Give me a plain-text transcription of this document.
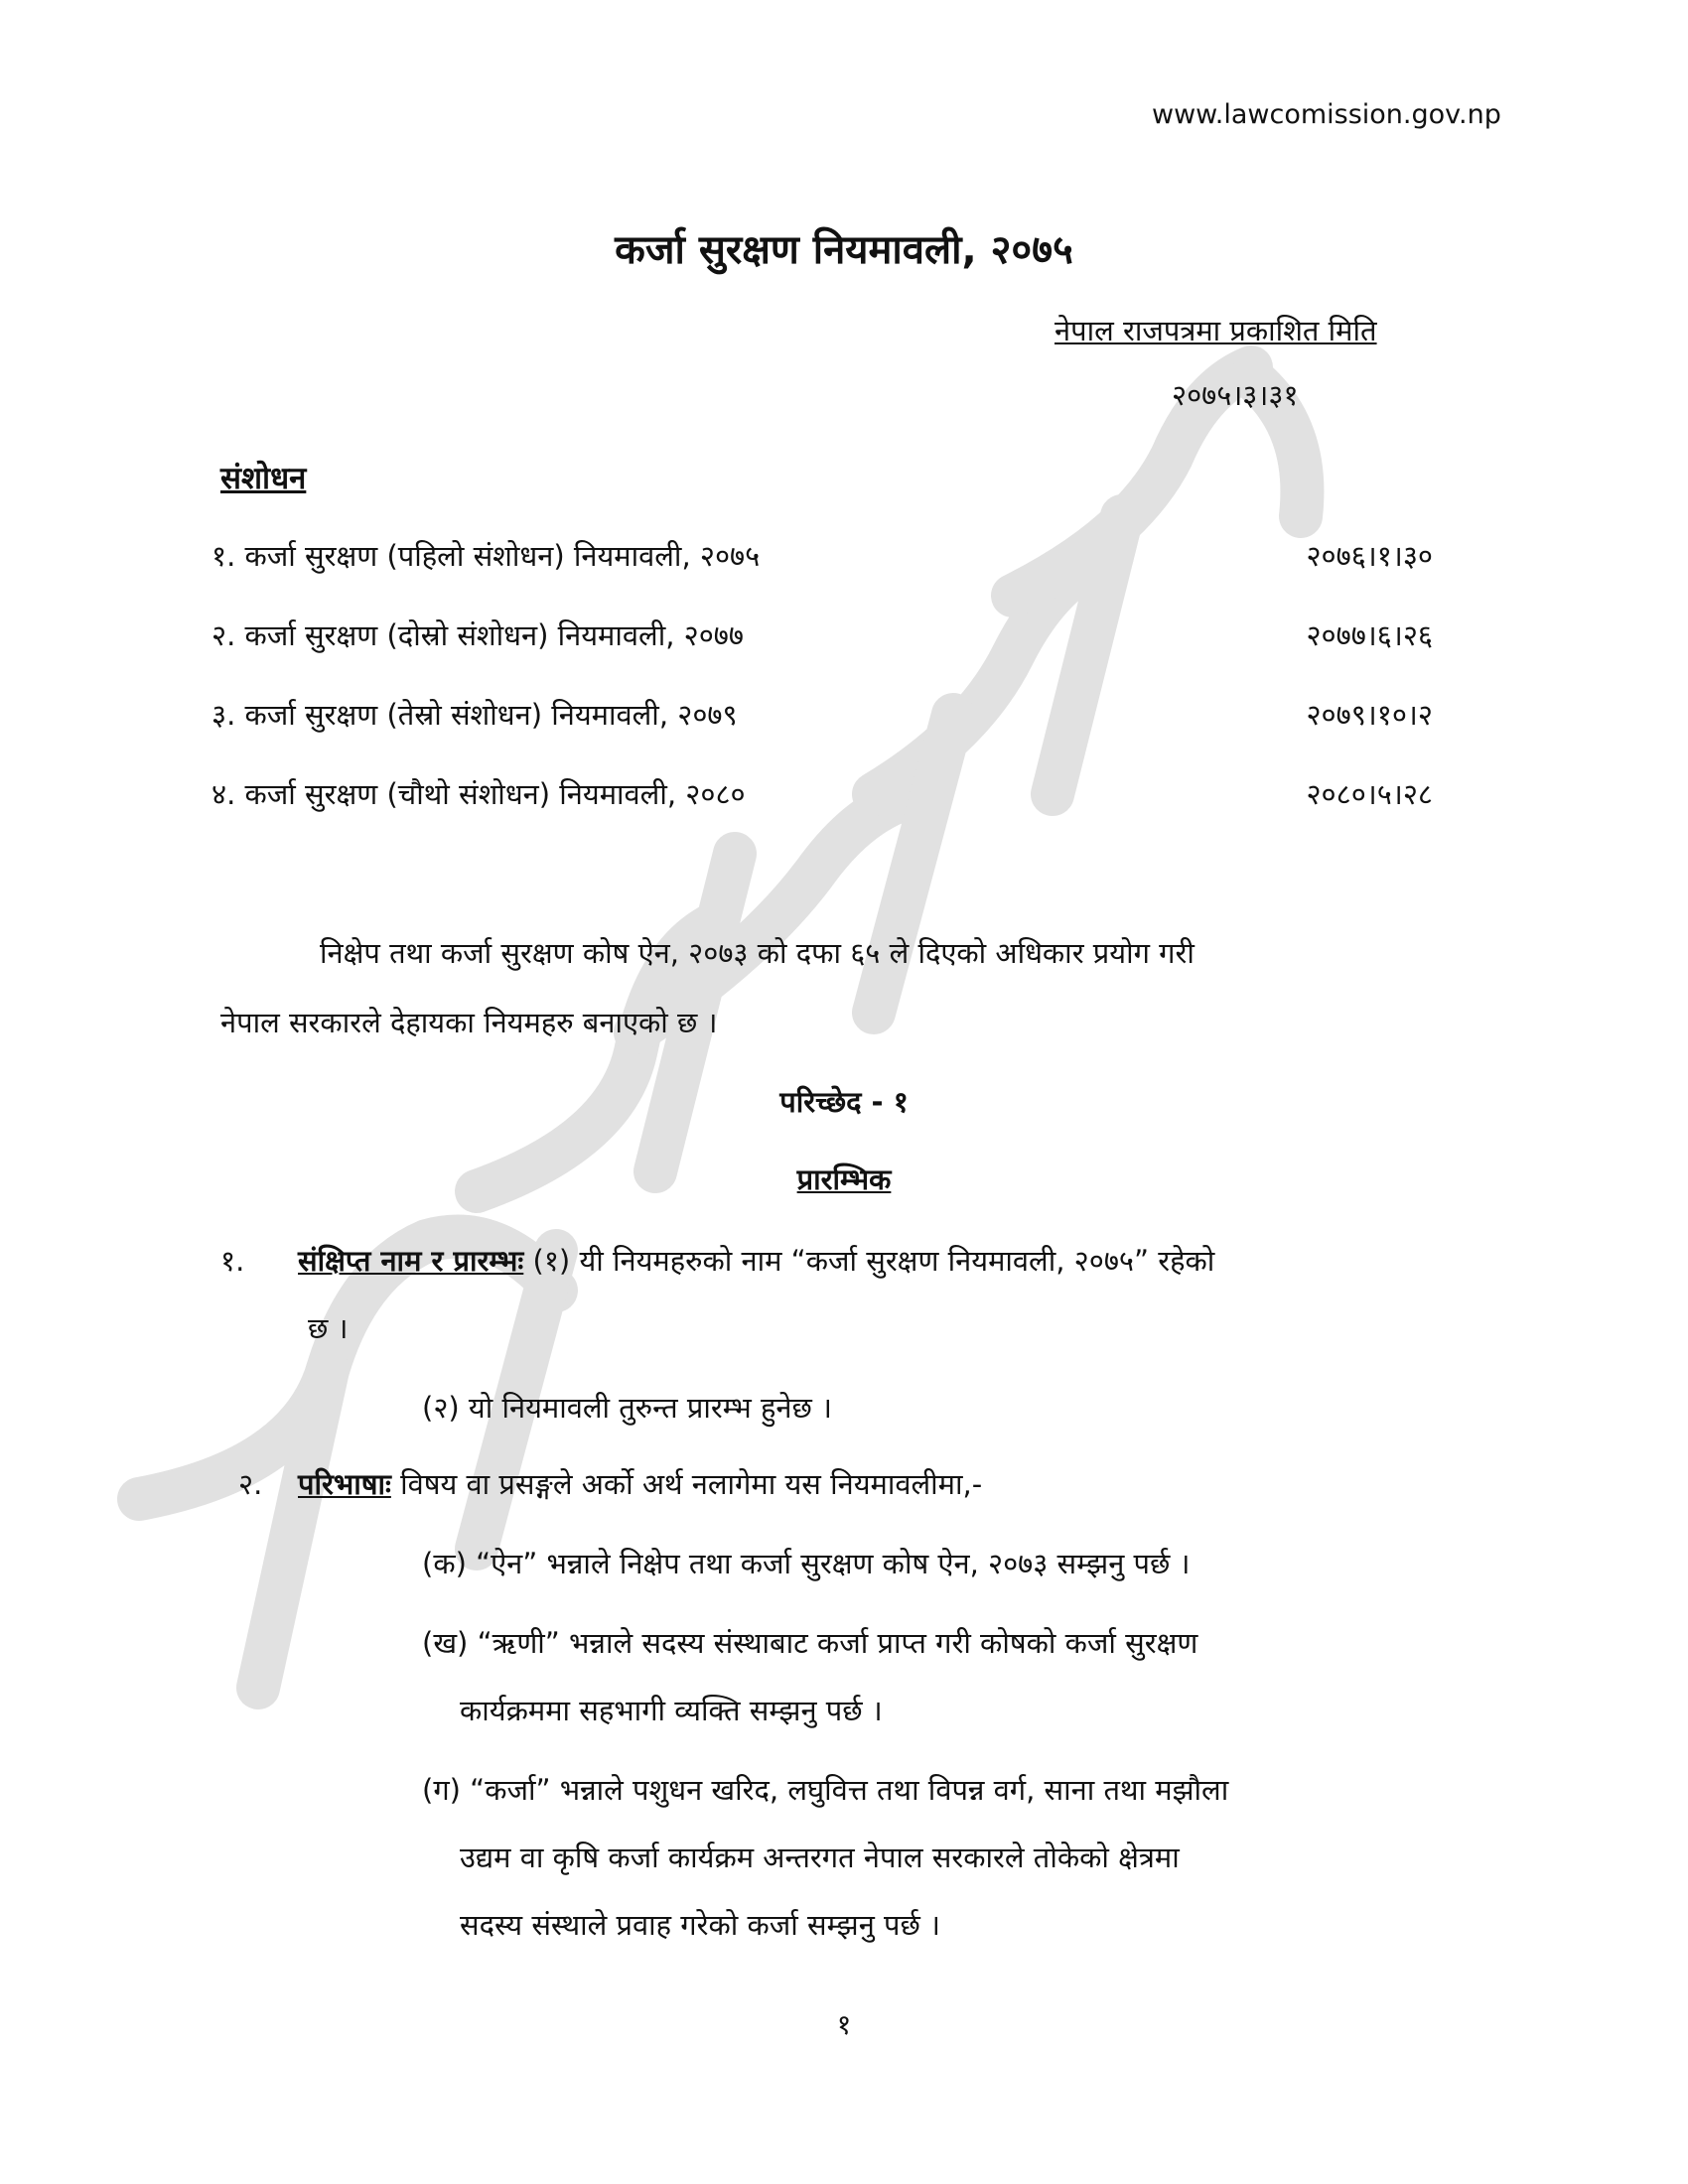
www.lawcomission.gov.np
कर्जा सुरक्षण नियमावली, २०७५
नेपाल राजपत्रमा प्रकाशित मिति
२०७५।३।३१
संशोधन
१. कर्जा सुरक्षण (पहिलो संशोधन) नियमावली, २०७५	२०७६।१।३०
२. कर्जा सुरक्षण (दोस्रो संशोधन) नियमावली, २०७७	२०७७।६।२६
३. कर्जा सुरक्षण (तेस्रो संशोधन) नियमावली, २०७९	२०७९।१०।२
४. कर्जा सुरक्षण (चौथो संशोधन) नियमावली, २०८०	२०८०।५।२८
निक्षेप तथा कर्जा सुरक्षण कोष ऐन, २०७३ को दफा ६५ ले दिएको अधिकार प्रयोग गरी
नेपाल सरकारले देहायका नियमहरु बनाएको छ ।
परिच्छेद - १
प्रारम्भिक
१. संक्षिप्त नाम र प्रारम्भः (१) यी नियमहरुको नाम “कर्जा सुरक्षण नियमावली, २०७५” रहेको
छ ।
(२) यो नियमावली तुरुन्त प्रारम्भ हुनेछ ।
२. परिभाषाः विषय वा प्रसङ्गले अर्को अर्थ नलागेमा यस नियमावलीमा,-
(क) “ऐन” भन्नाले निक्षेप तथा कर्जा सुरक्षण कोष ऐन, २०७३ सम्झनु पर्छ ।
(ख) “ऋणी” भन्नाले सदस्य संस्थाबाट कर्जा प्राप्त गरी कोषको कर्जा सुरक्षण
कार्यक्रममा सहभागी व्यक्ति सम्झनु पर्छ ।
(ग) “कर्जा” भन्नाले पशुधन खरिद, लघुवित्त तथा विपन्न वर्ग, साना तथा मझौला
उद्यम वा कृषि कर्जा कार्यक्रम अन्तरगत नेपाल सरकारले तोकेको क्षेत्रमा
सदस्य संस्थाले प्रवाह गरेको कर्जा सम्झनु पर्छ ।
१
